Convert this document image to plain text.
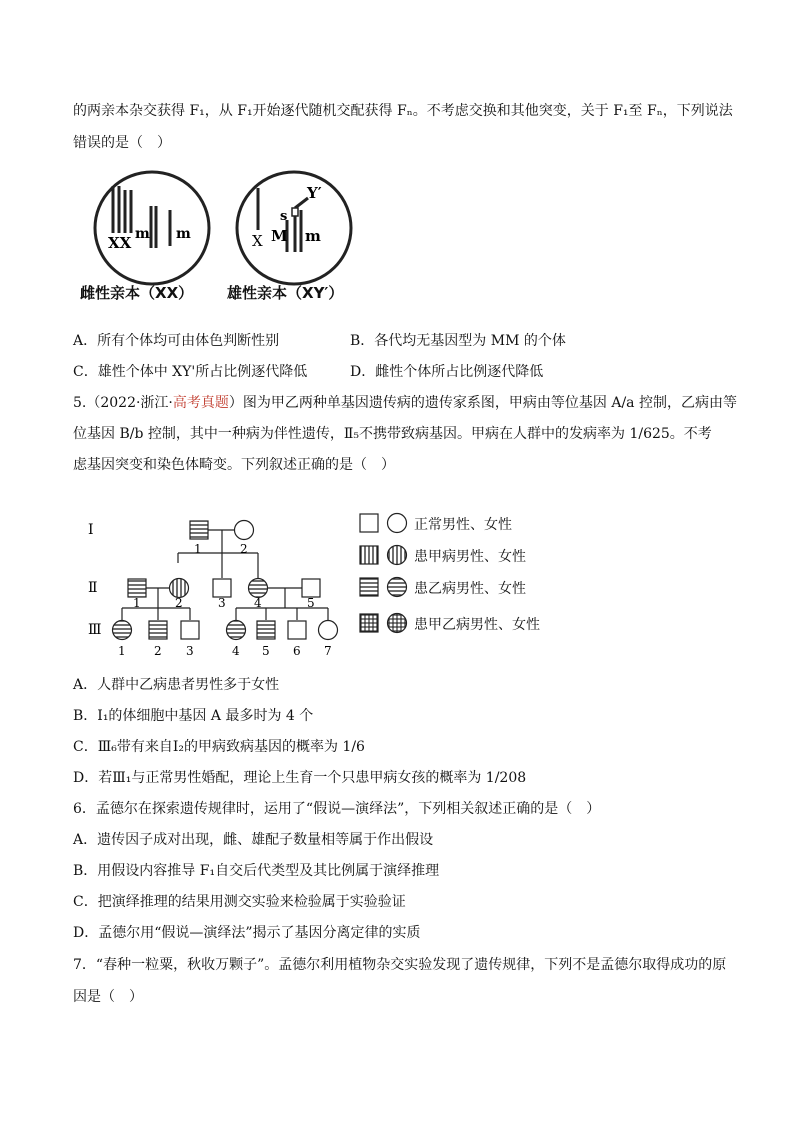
的两亲本杂交获得 F₁，从 F₁开始逐代随机交配获得 Fₙ。不考虑交换和其他突变，关于 F₁至 Fₙ，下列说法
错误的是（　）
XX m m	X
s
Y′
M m
雌性亲本（XX） 雄性亲本（XY′）
A．所有个体均可由体色判断性别	B．各代均无基因型为 MM 的个体
C．雄性个体中 XY'所占比例逐代降低	D．雌性个体所占比例逐代降低
5.（2022·浙江·高考真题）图为甲乙两种单基因遗传病的遗传家系图，甲病由等位基因 A/a 控制，乙病由等
位基因 B/b 控制，其中一种病为伴性遗传，Ⅱ₅不携带致病基因。甲病在人群中的发病率为 1/625。不考
虑基因突变和染色体畸变。下列叙述正确的是（　）
Ⅰ
Ⅱ
Ⅲ
1	2
1	2	3 4	5
1 2 3	4 5 6 7
正常男性、女性
患甲病男性、女性
患乙病男性、女性
患甲乙病男性、女性
A．人群中乙病患者男性多于女性
B．Ⅰ₁的体细胞中基因 A 最多时为 4 个
C．Ⅲ₆带有来自Ⅰ₂的甲病致病基因的概率为 1/6
D．若Ⅲ₁与正常男性婚配，理论上生育一个只患甲病女孩的概率为 1/208
6．孟德尔在探索遗传规律时，运用了“假说—演绎法”，下列相关叙述正确的是（　）
A．遗传因子成对出现，雌、雄配子数量相等属于作出假设
B．用假设内容推导 F₁自交后代类型及其比例属于演绎推理
C．把演绎推理的结果用测交实验来检验属于实验验证
D．孟德尔用“假说—演绎法”揭示了基因分离定律的实质
7．“春种一粒粟，秋收万颗子”。孟德尔利用植物杂交实验发现了遗传规律，下列不是孟德尔取得成功的原
因是（　）
